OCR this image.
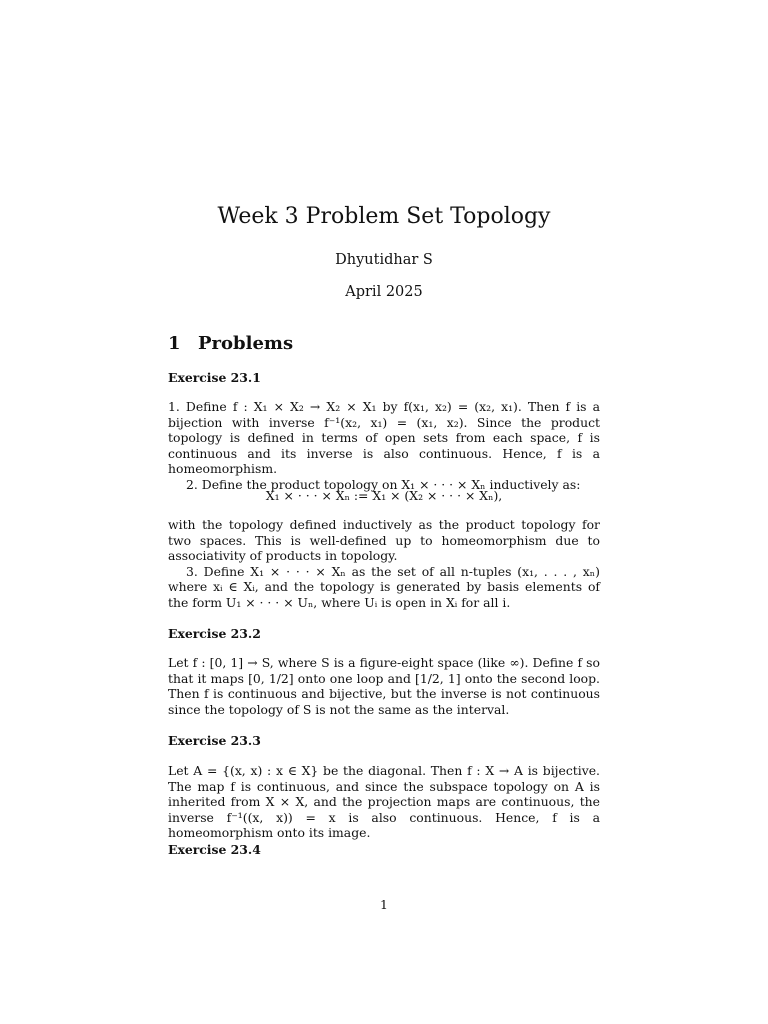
Week 3 Problem Set Topology
Dhyutidhar S
April 2025
1 Problems
Exercise 23.1

1. Define f : X₁ × X₂ → X₂ × X₁ by f(x₁, x₂) = (x₂, x₁). Then f is a bijection with inverse f⁻¹(x₂, x₁) = (x₁, x₂). Since the product topology is defined in terms of open sets from each space, f is continuous and its inverse is also continuous. Hence, f is a homeomorphism.

2. Define the product topology on X₁ × · · · × Xₙ inductively as:

X₁ × · · · × Xₙ := X₁ × (X₂ × · · · × Xₙ),

with the topology defined inductively as the product topology for two spaces. This is well-defined up to homeomorphism due to associativity of products in topology.

3. Define X₁ × · · · × Xₙ as the set of all n-tuples (x₁, . . . , xₙ) where xᵢ ∈ Xᵢ, and the topology is generated by basis elements of the form U₁ × · · · × Uₙ, where Uᵢ is open in Xᵢ for all i.

Exercise 23.2

Let f : [0, 1] → S, where S is a figure-eight space (like ∞). Define f so that it maps [0, 1/2] onto one loop and [1/2, 1] onto the second loop. Then f is continuous and bijective, but the inverse is not continuous since the topology of S is not the same as the interval.

Exercise 23.3

Let A = {(x, x) : x ∈ X} be the diagonal. Then f : X → A is bijective. The map f is continuous, and since the subspace topology on A is inherited from X × X, and the projection maps are continuous, the inverse f⁻¹((x, x)) = x is also continuous. Hence, f is a homeomorphism onto its image.

Exercise 23.4
1
